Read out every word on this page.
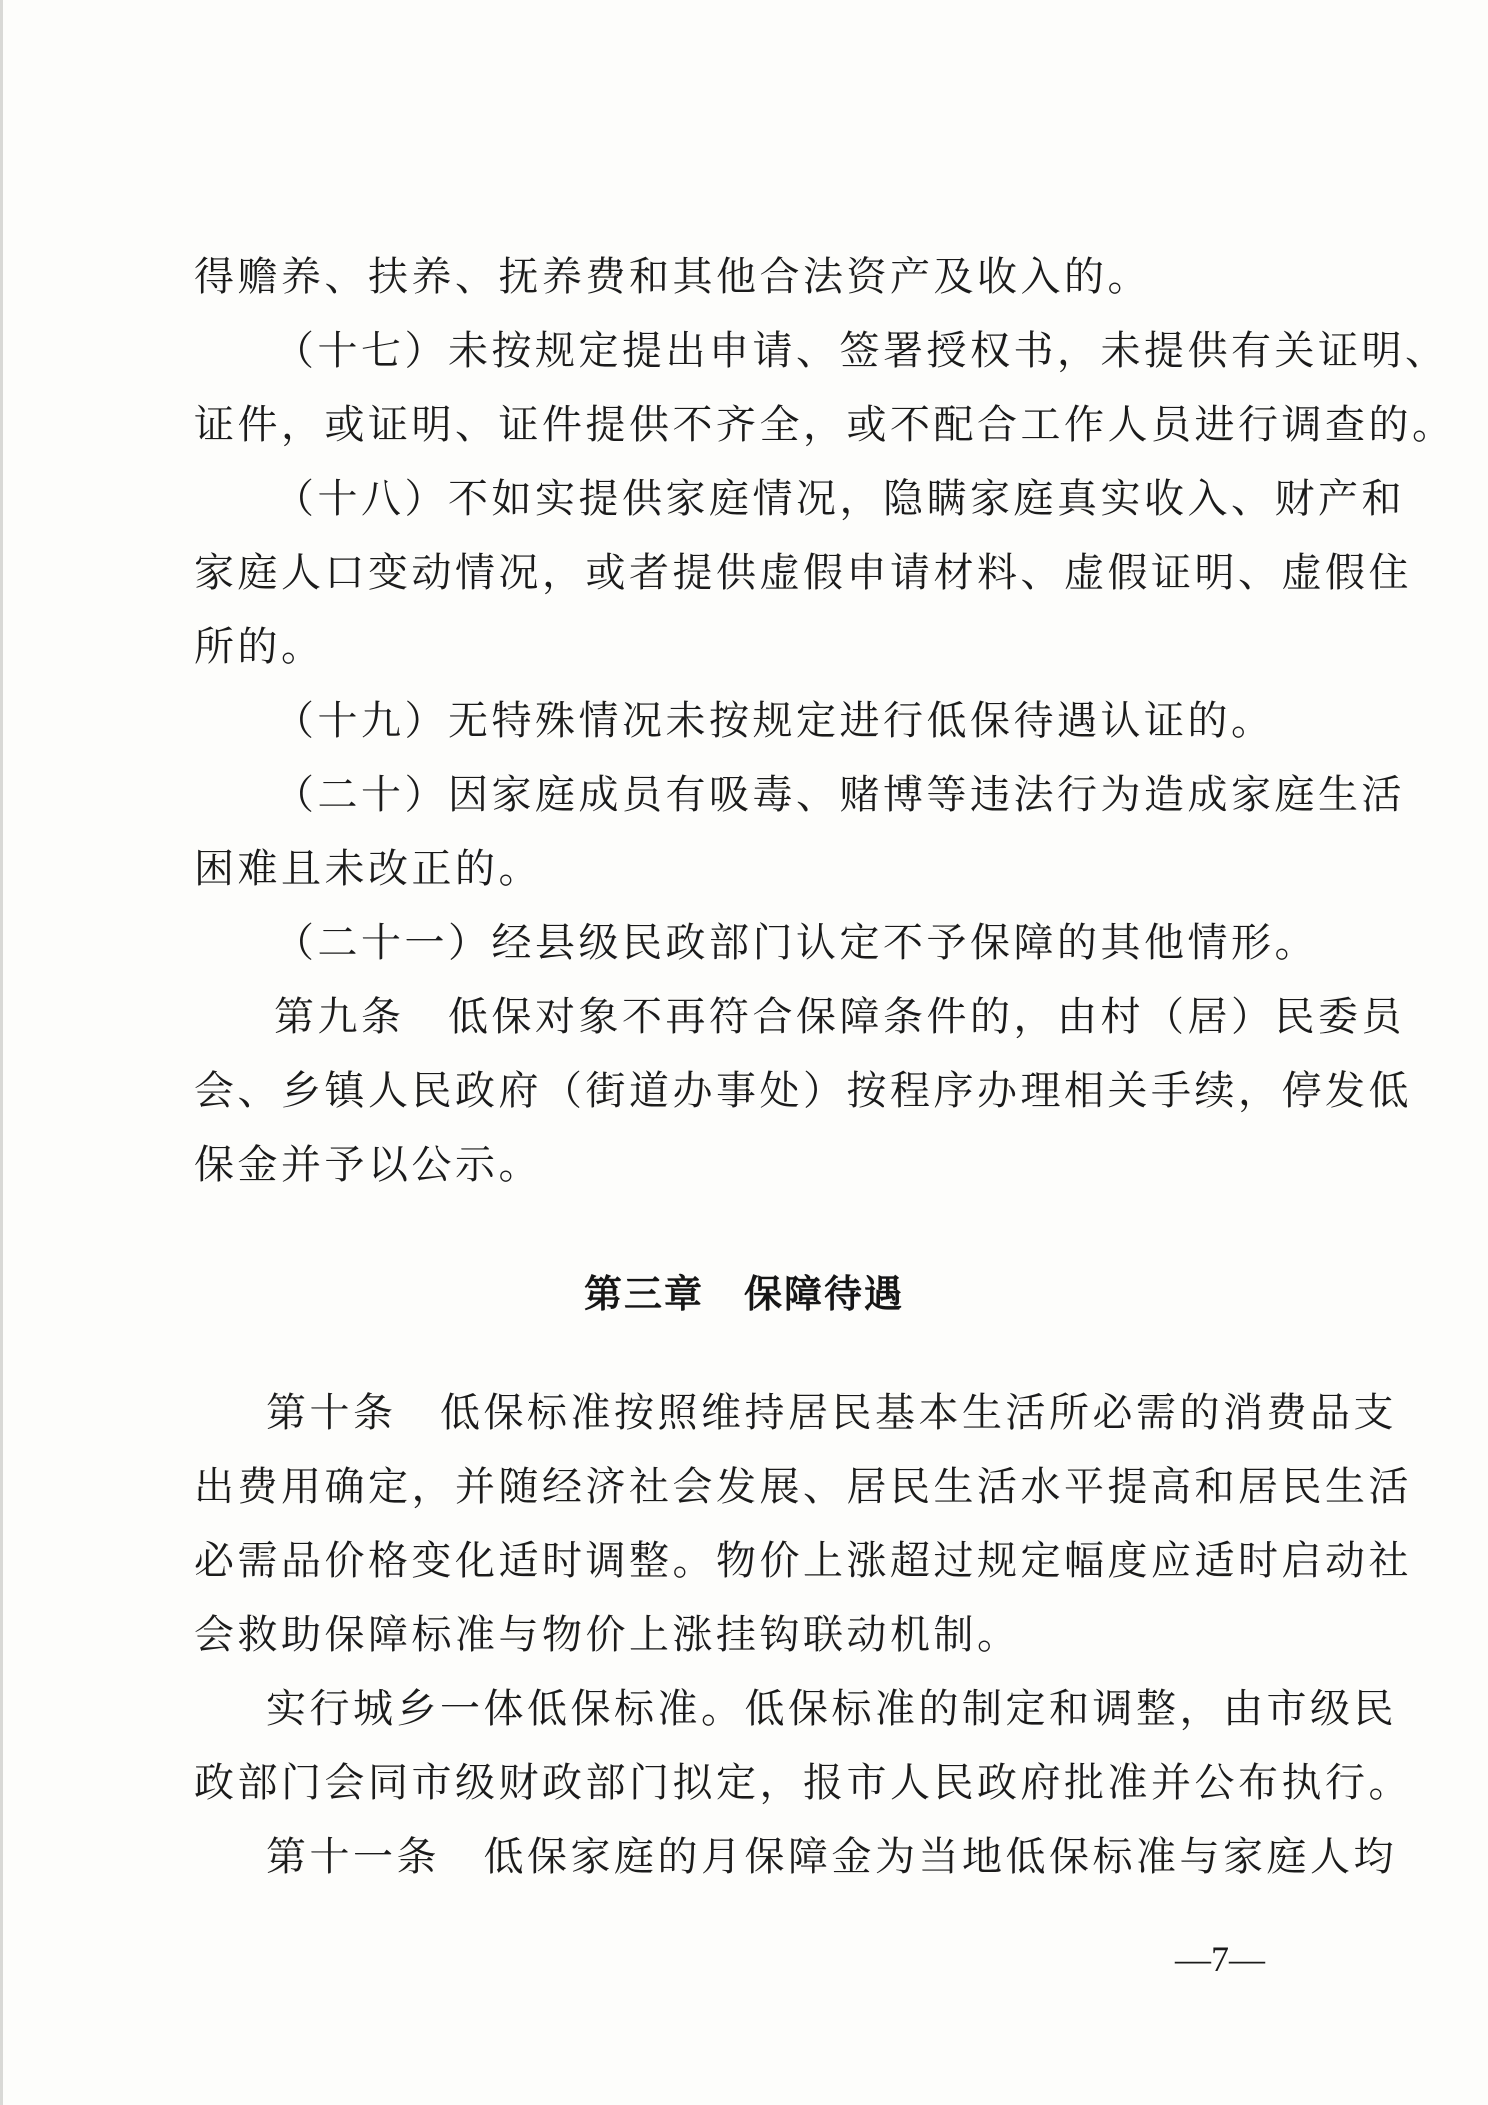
得赡养、扶养、抚养费和其他合法资产及收入的。
（十七）未按规定提出申请、签署授权书，未提供有关证明、
证件，或证明、证件提供不齐全，或不配合工作人员进行调查的。
（十八）不如实提供家庭情况，隐瞒家庭真实收入、财产和
家庭人口变动情况，或者提供虚假申请材料、虚假证明、虚假住
所的。
（十九）无特殊情况未按规定进行低保待遇认证的。
（二十）因家庭成员有吸毒、赌博等违法行为造成家庭生活
困难且未改正的。
（二十一）经县级民政部门认定不予保障的其他情形。
第九条　低保对象不再符合保障条件的，由村（居）民委员
会、乡镇人民政府（街道办事处）按程序办理相关手续，停发低
保金并予以公示。
第三章　保障待遇
第十条　低保标准按照维持居民基本生活所必需的消费品支
出费用确定，并随经济社会发展、居民生活水平提高和居民生活
必需品价格变化适时调整。物价上涨超过规定幅度应适时启动社
会救助保障标准与物价上涨挂钩联动机制。
实行城乡一体低保标准。低保标准的制定和调整，由市级民
政部门会同市级财政部门拟定，报市人民政府批准并公布执行。
第十一条　低保家庭的月保障金为当地低保标准与家庭人均
—7—
